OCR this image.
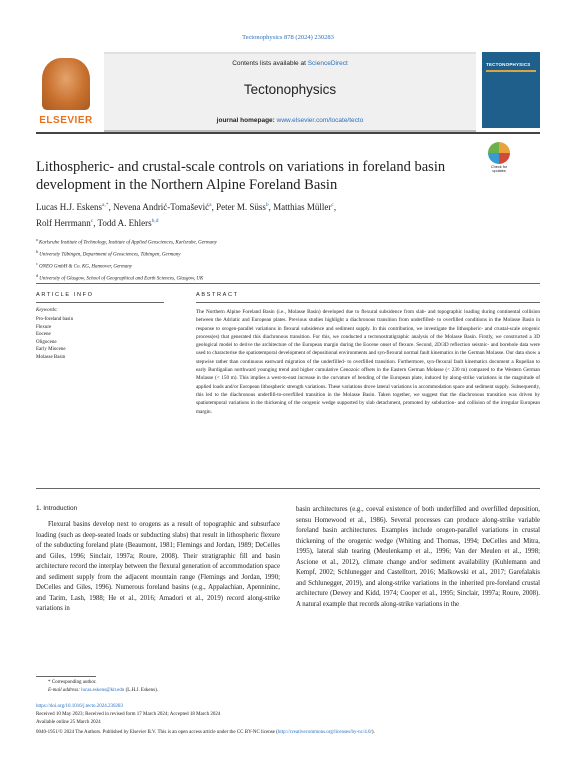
Tectonophysics 878 (2024) 230283
ELSEVIER
Contents lists available at ScienceDirect
Tectonophysics
journal homepage: www.elsevier.com/locate/tecto
TECTONOPHYSICS
Lithospheric- and crustal-scale controls on variations in foreland basin development in the Northern Alpine Foreland Basin
Check for updates
Lucas H.J. Eskens$^{a,*}$, Nevena Andrić-Tomašević$^a$, Peter M. Süss$^b$, Matthias Müller$^c$,
Rolf Herrmann$^c$, Todd A. Ehlers$^{b,d}$
$^a$ Karlsruhe Institute of Technology, Institute of Applied Geosciences, Karlsruhe, Germany
$^b$ University Tübingen, Department of Geosciences, Tübingen, Germany
$^c$ ONEO GmbH & Co. KG, Hannover, Germany
$^d$ University of Glasgow, School of Geographical and Earth Sciences, Glasgow, UK
ARTICLE INFO
Keywords:
Pro-foreland basin
Flexure
Eocene
Oligocene
Early Miocene
Molasse Basin
ABSTRACT
The Northern Alpine Foreland Basin (i.e., Molasse Basin) developed due to flexural subsidence from slab- and topographic loading during continental collision between the Adriatic and European plates. Previous studies highlight a diachronous transition from underfilled- to overfilled conditions in the Molasse Basin in response to orogen-parallel variations in flexural subsidence and sediment supply. In this contribution, we investigate the lithospheric- and crustal-scale orogenic process(es) that generated this diachronous transition. For this, we conducted a tectonostratigraphic analysis of the Molasse Basin. Firstly, we constructed a 3D geological model to derive the architecture of the European margin during the Eocene onset of flexure. Second, 2D/3D reflection seismic- and borehole data were used to characterise the spatiotemporal development of depositional environments and syn-flexural normal fault kinematics in the German Molasse. Our data show a stepwise rather than continuous eastward migration of the underfilled- to overfilled transition. Furthermore, syn-flexural fault kinematics document a Rupelian to early Burdigalian northward younging trend and higher cumulative Cenozoic offsets in the Eastern German Molasse (< 230 m) compared to the Western German Molasse (< 150 m). This implies a west-to-east increase in the curvature of bending of the European plate, induced by along-strike variations in the magnitude of applied loads and/or European lithospheric strength variations. These variations drove lateral variations in accommodation space and sediment supply. Subsequently, this led to the diachronous underfill-to-overfilled transition in the Molasse Basin. Taken together, we suggest that the diachronous transition was driven by spatiotemporal variations in the thickening of the orogenic wedge supported by slab detachment, promoted by subduction- and collision of the irregular European margin.
1. Introduction
Flexural basins develop next to orogens as a result of topographic and subsurface loading (such as deep-seated loads or subducting slabs) that result in lithospheric flexure of the subducting foreland plate (Beaumont, 1981; Flemings and Jordan, 1989; DeCelles and Giles, 1996; Sinclair, 1997a; Roure, 2008). Their stratigraphic fill and basin architecture record the interplay between the flexural generation of accommodation space and sediment supply from the adjacent mountain range (Flemings and Jordan, 1990; DeCelles and Giles, 1996). Numerous foreland basins (e.g., Appalachian, Apennininc, and Tarim, Lash, 1988; He et al., 2016; Amadori et al., 2019) record along-strike variations in
basin architectures (e.g., coeval existence of both underfilled and overfilled deposition, sensu Homewood et al., 1986). Several processes can produce along-strike variable foreland basin architectures. Examples include orogen-parallel variations in crustal thickening of the orogenic wedge (Whiting and Thomas, 1994; DeCelles and Mitra, 1995), lateral slab tearing (Meulenkamp et al., 1996; Van der Meulen et al., 1998; Ascione et al., 2012), climate change and/or sediment availability (Kuhlemann and Kempf, 2002; Schlunegger and Castelltort, 2016; Malkowski et al., 2017; Garefalakis and Schlunegger, 2019), and along-strike variations in the inherited pre-foreland crustal architecture (Dewey and Kidd, 1974; Cooper et al., 1995; Sinclair, 1997a; Roure, 2008). A natural example that records along-strike variations in the
* Corresponding author.
E-mail address: lucas.eskens@kit.edu (L.H.J. Eskens).
https://doi.org/10.1016/j.tecto.2024.230283
Received 10 May 2023; Received in revised form 17 March 2024; Accepted 18 March 2024
Available online 25 March 2024
0040-1951/© 2024 The Authors. Published by Elsevier B.V. This is an open access article under the CC BY-NC license (http://creativecommons.org/licenses/by-nc/4.0/).
